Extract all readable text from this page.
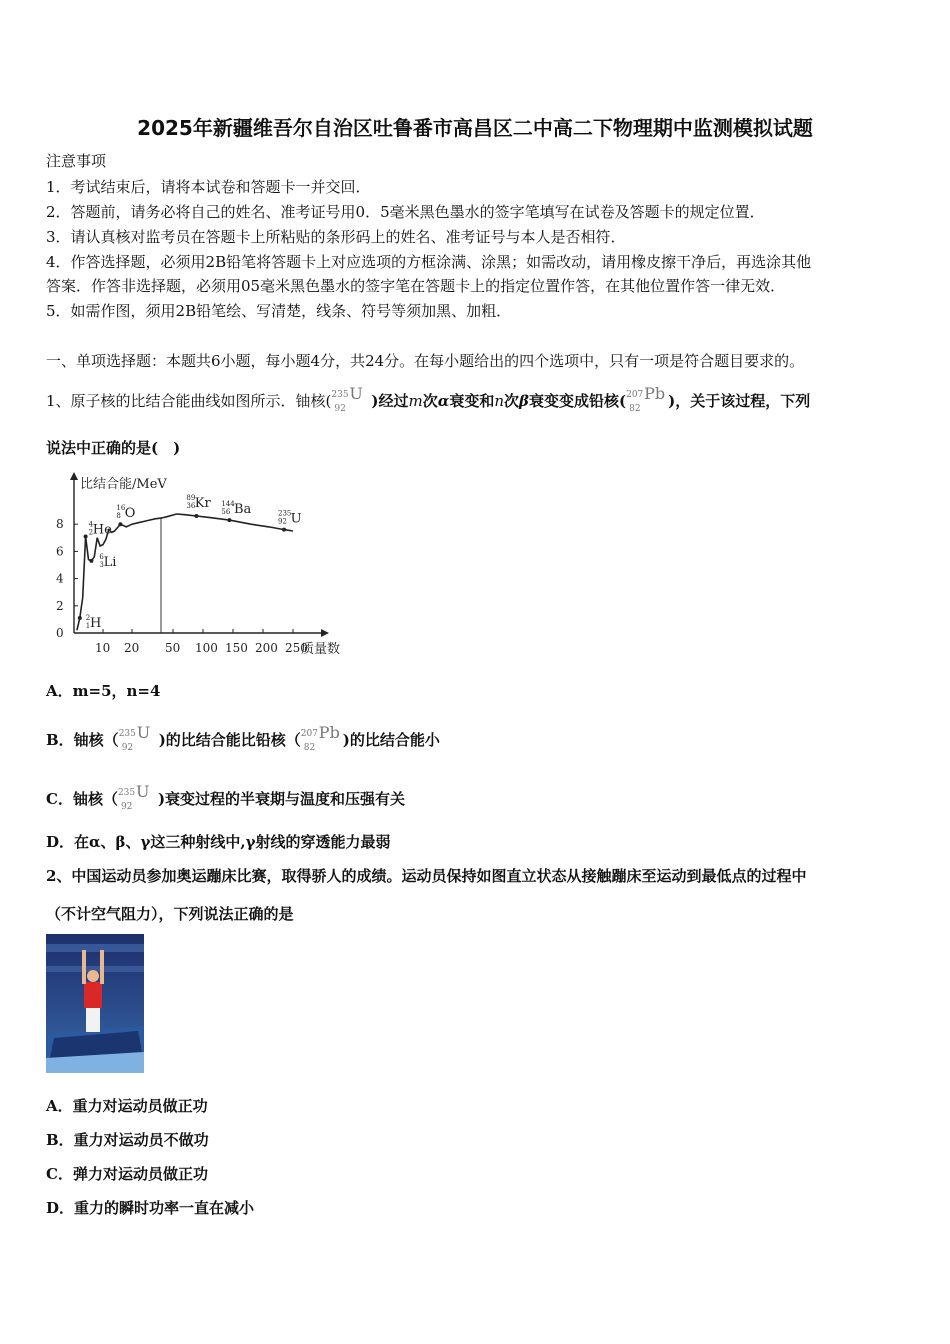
2025年新疆维吾尔自治区吐鲁番市高昌区二中高二下物理期中监测模拟试题
注意事项
1．考试结束后，请将本试卷和答题卡一并交回．
2．答题前，请务必将自己的姓名、准考证号用0．5毫米黑色墨水的签字笔填写在试卷及答题卡的规定位置．
3．请认真核对监考员在答题卡上所粘贴的条形码上的姓名、准考证号与本人是否相符．
4．作答选择题，必须用2B铅笔将答题卡上对应选项的方框涂满、涂黑；如需改动，请用橡皮擦干净后，再选涂其他
答案．作答非选择题，必须用05毫米黑色墨水的签字笔在答题卡上的指定位置作答，在其他位置作答一律无效．
5．如需作图，须用2B铅笔绘、写清楚，线条、符号等须加黑、加粗．
一、单项选择题：本题共6小题，每小题4分，共24分。在每小题给出的四个选项中，只有一项是符合题目要求的。
1、原子核的比结合能曲线如图所示．铀核( 235
92
U )经过m次α衰变和n次β衰变变成铅核( 207
82
Pb )，关于该过程，下列
说法中正确的是(　)
比结合能/MeV
质量数
0
2
4
6
8
10 20 50 100 150 200 250
2
1 H
6
3 Li
4
2 He
16
8 O
89
36 Kr 144
56 Ba	235
92 U
A．m=5，n=4
B．铀核（ 235
92
U )的比结合能比铅核（ 207
82
Pb )的比结合能小
C．铀核（ 235
92
U )衰变过程的半衰期与温度和压强有关
D．在α、β、γ这三种射线中,γ射线的穿透能力最弱
2、中国运动员参加奥运蹦床比赛，取得骄人的成绩。运动员保持如图直立状态从接触蹦床至运动到最低点的过程中
（不计空气阻力），下列说法正确的是
A．重力对运动员做正功
B．重力对运动员不做功
C．弹力对运动员做正功
D．重力的瞬时功率一直在减小
